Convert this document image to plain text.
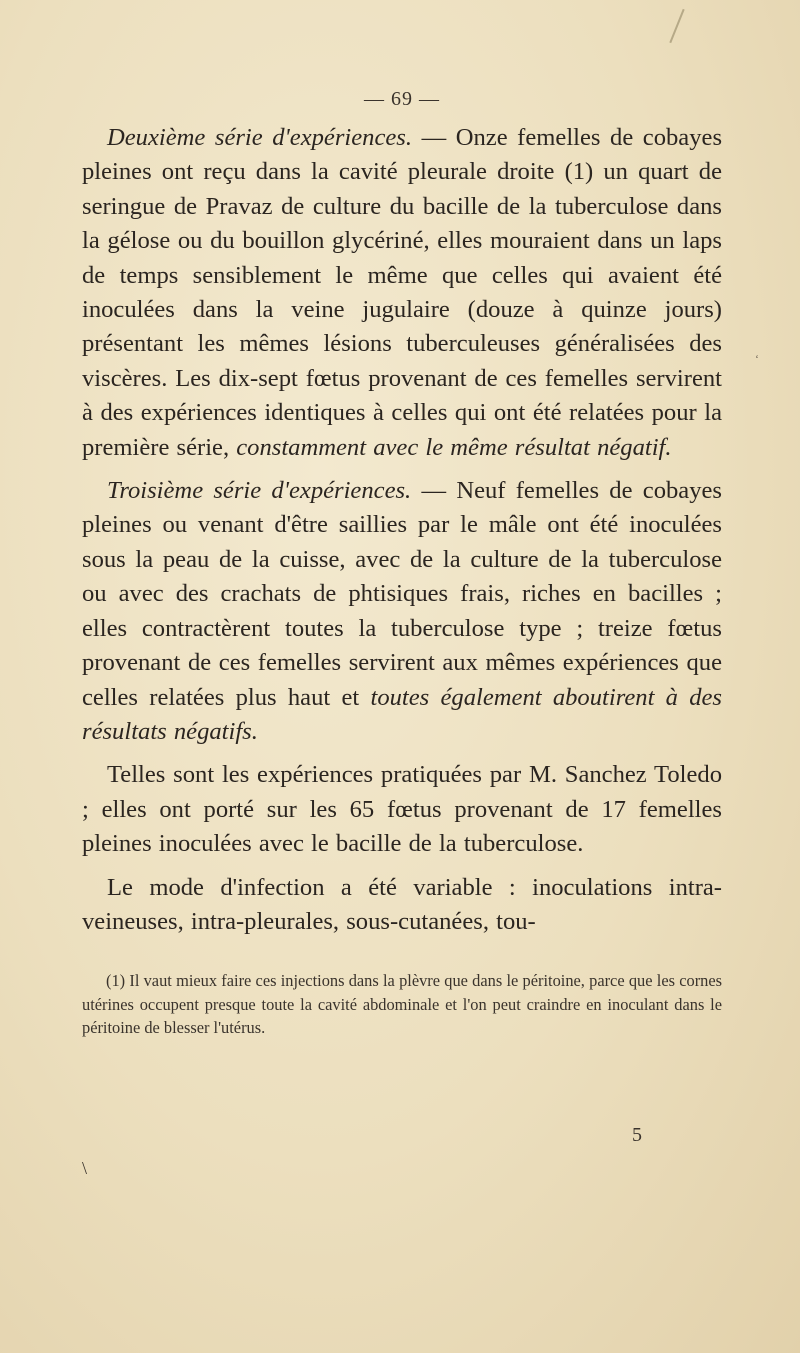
‘
— 69 —

Deuxième série d'expériences. — Onze femelles de cobayes pleines ont reçu dans la cavité pleurale droite (1) un quart de seringue de Pravaz de culture du bacille de la tuberculose dans la gélose ou du bouillon glycériné, elles mouraient dans un laps de temps sensiblement le même que celles qui avaient été inoculées dans la veine jugulaire (douze à quinze jours) présentant les mêmes lésions tuberculeuses généralisées des viscères. Les dix-sept fœtus provenant de ces femelles servirent à des expériences identiques à celles qui ont été relatées pour la première série, constamment avec le même résultat négatif.

Troisième série d'expériences. — Neuf femelles de cobayes pleines ou venant d'être saillies par le mâle ont été inoculées sous la peau de la cuisse, avec de la culture de la tuberculose ou avec des crachats de phtisiques frais, riches en bacilles ; elles contractèrent toutes la tuberculose type ; treize fœtus provenant de ces femelles servirent aux mêmes expériences que celles relatées plus haut et toutes également aboutirent à des résultats négatifs.

Telles sont les expériences pratiquées par M. Sanchez Toledo ; elles ont porté sur les 65 fœtus provenant de 17 femelles pleines inoculées avec le bacille de la tuberculose.

Le mode d'infection a été variable : inoculations intra-veineuses, intra-pleurales, sous-cutanées, tou-

(1) Il vaut mieux faire ces injections dans la plèvre que dans le péritoine, parce que les cornes utérines occupent presque toute la cavité abdominale et l'on peut craindre en inoculant dans le péritoine de blesser l'utérus.

5
\
